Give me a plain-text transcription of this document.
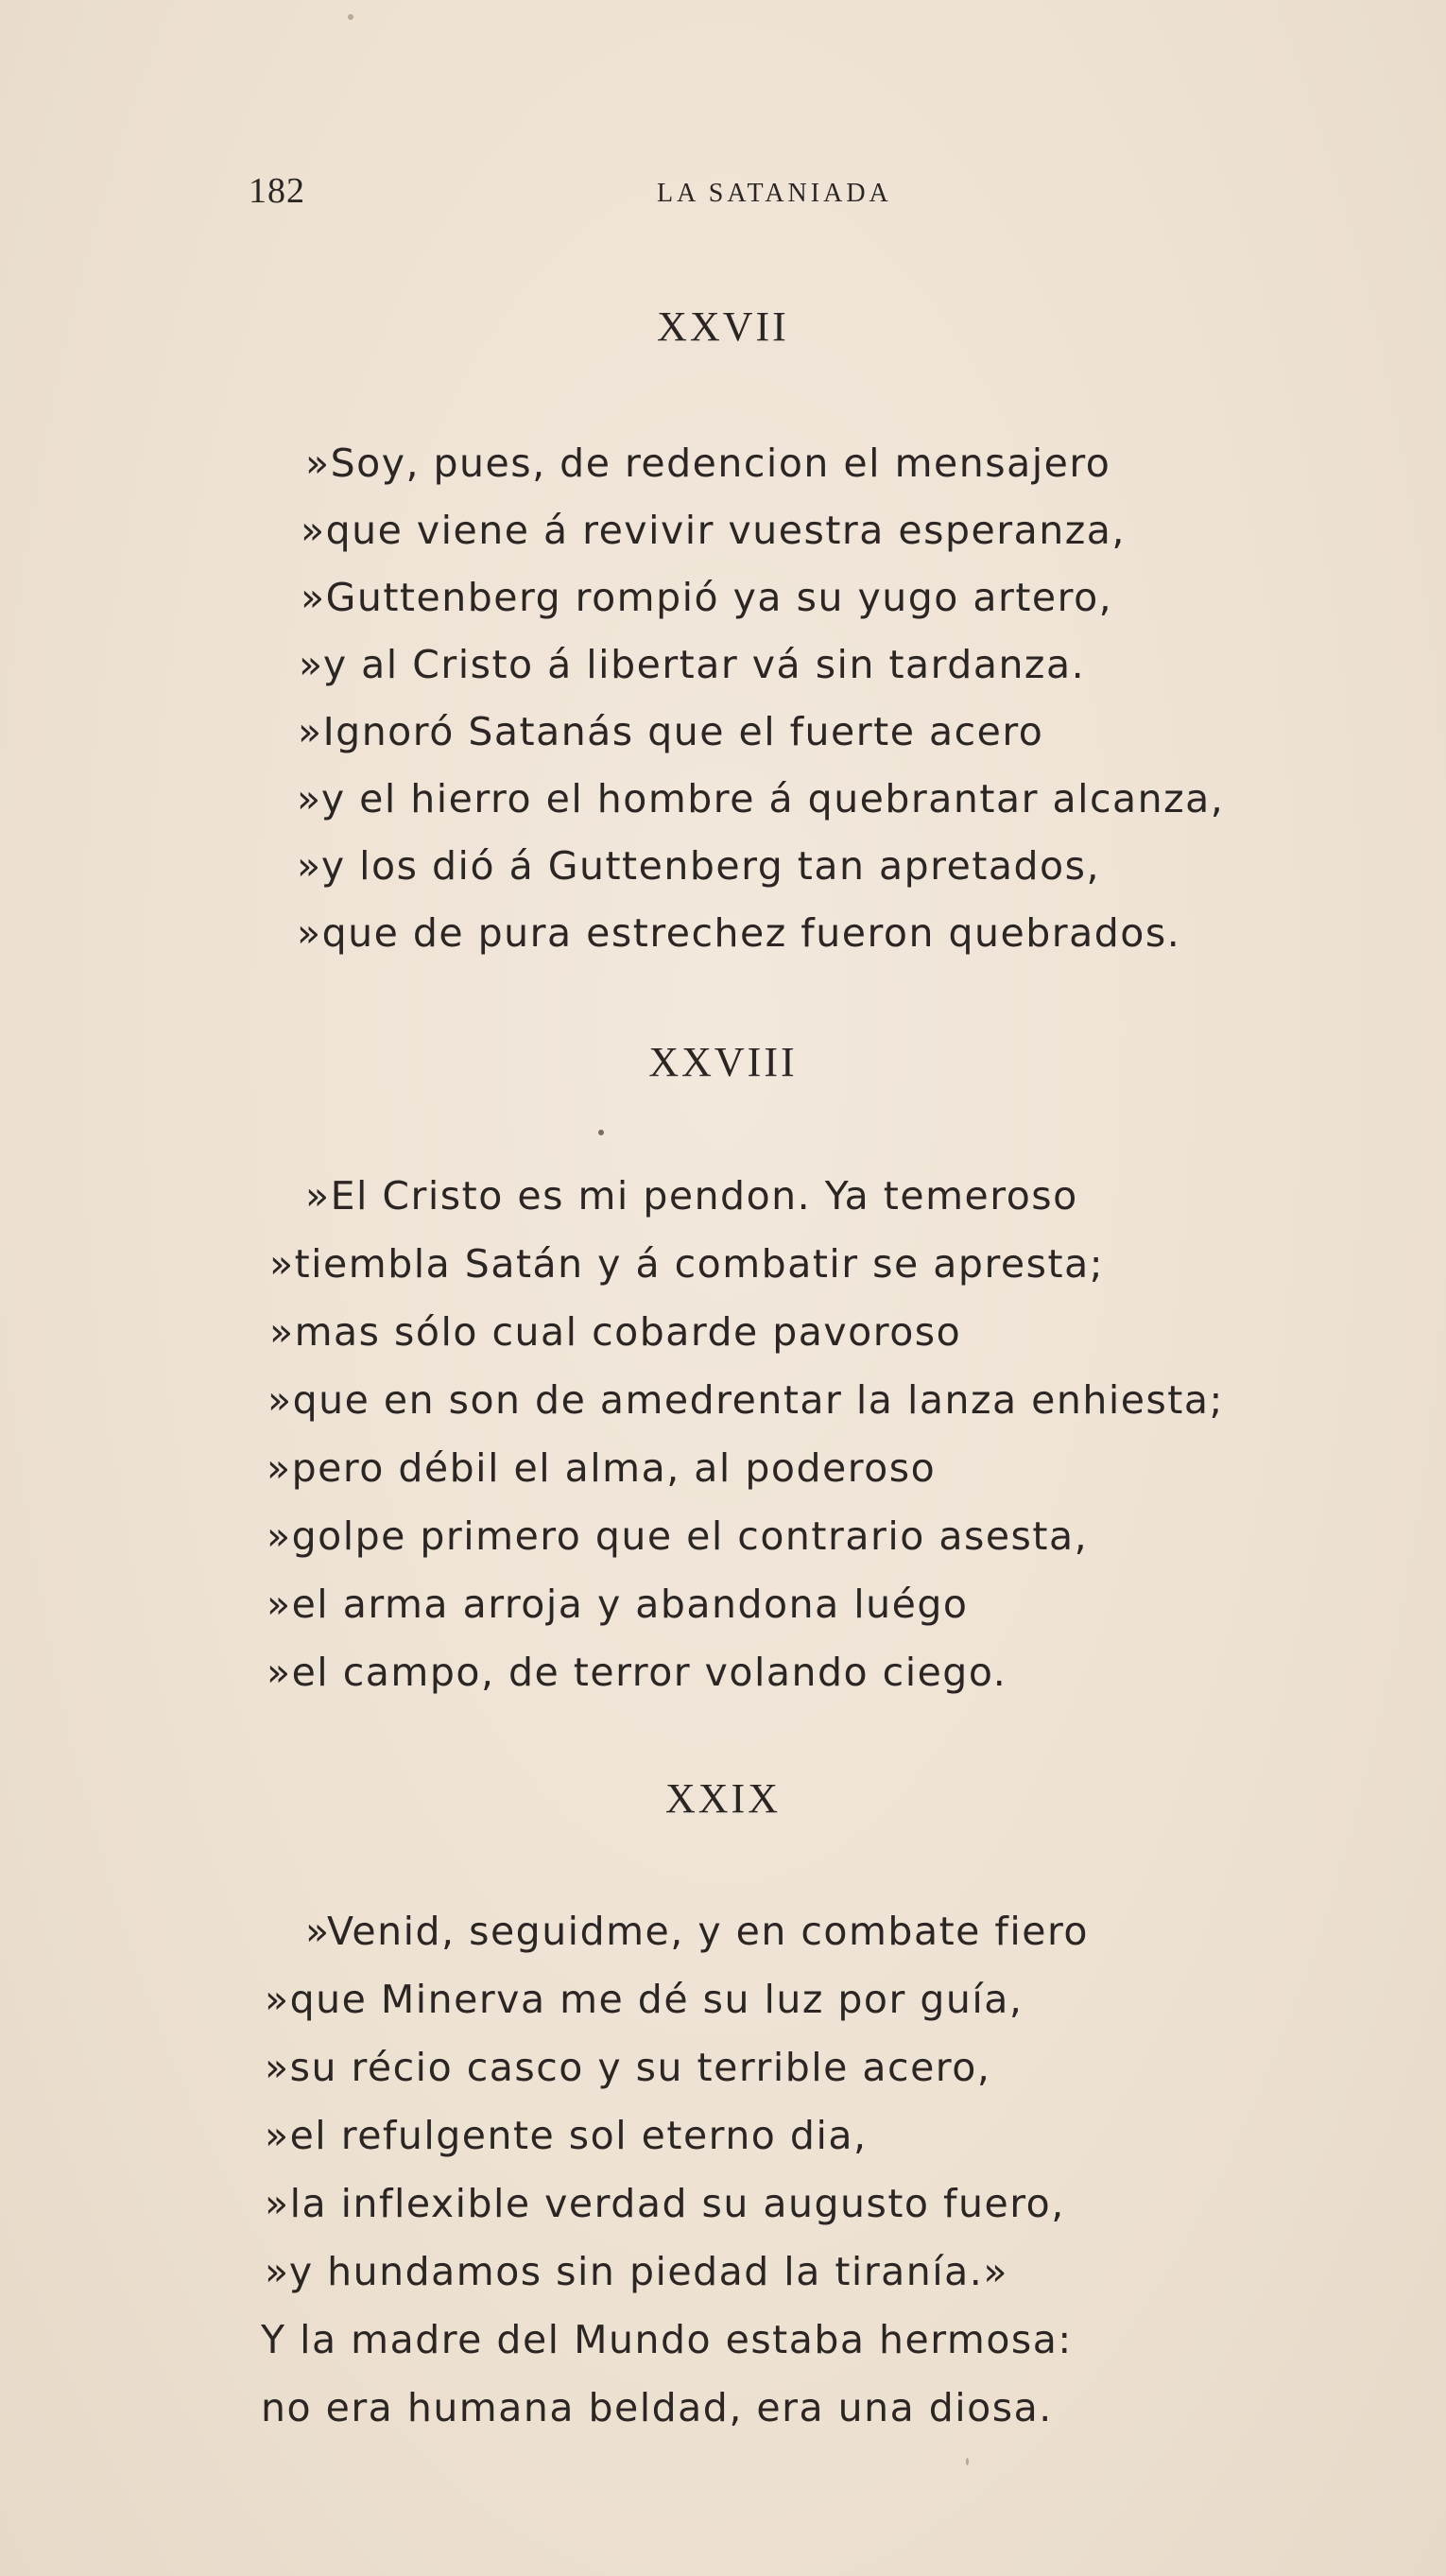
182	LA SATANIADA
XXVII
»Soy, pues, de redencion el mensajero
»que viene á revivir vuestra esperanza,
»Guttenberg rompió ya su yugo artero,
»y al Cristo á libertar vá sin tardanza.
»Ignoró Satanás que el fuerte acero
»y el hierro el hombre á quebrantar alcanza,
»y los dió á Guttenberg tan apretados,
»que de pura estrechez fueron quebrados.
XXVIII
»El Cristo es mi pendon. Ya temeroso
»tiembla Satán y á combatir se apresta;
»mas sólo cual cobarde pavoroso
»que en son de amedrentar la lanza enhiesta;
»pero débil el alma, al poderoso
»golpe primero que el contrario asesta,
»el arma arroja y abandona luégo
»el campo, de terror volando ciego.
XXIX
»Venid, seguidme, y en combate fiero
»que Minerva me dé su luz por guía,
»su récio casco y su terrible acero,
»el refulgente sol eterno dia,
»la inflexible verdad su augusto fuero,
»y hundamos sin piedad la tiranía.»
Y la madre del Mundo estaba hermosa:
no era humana beldad, era una diosa.
